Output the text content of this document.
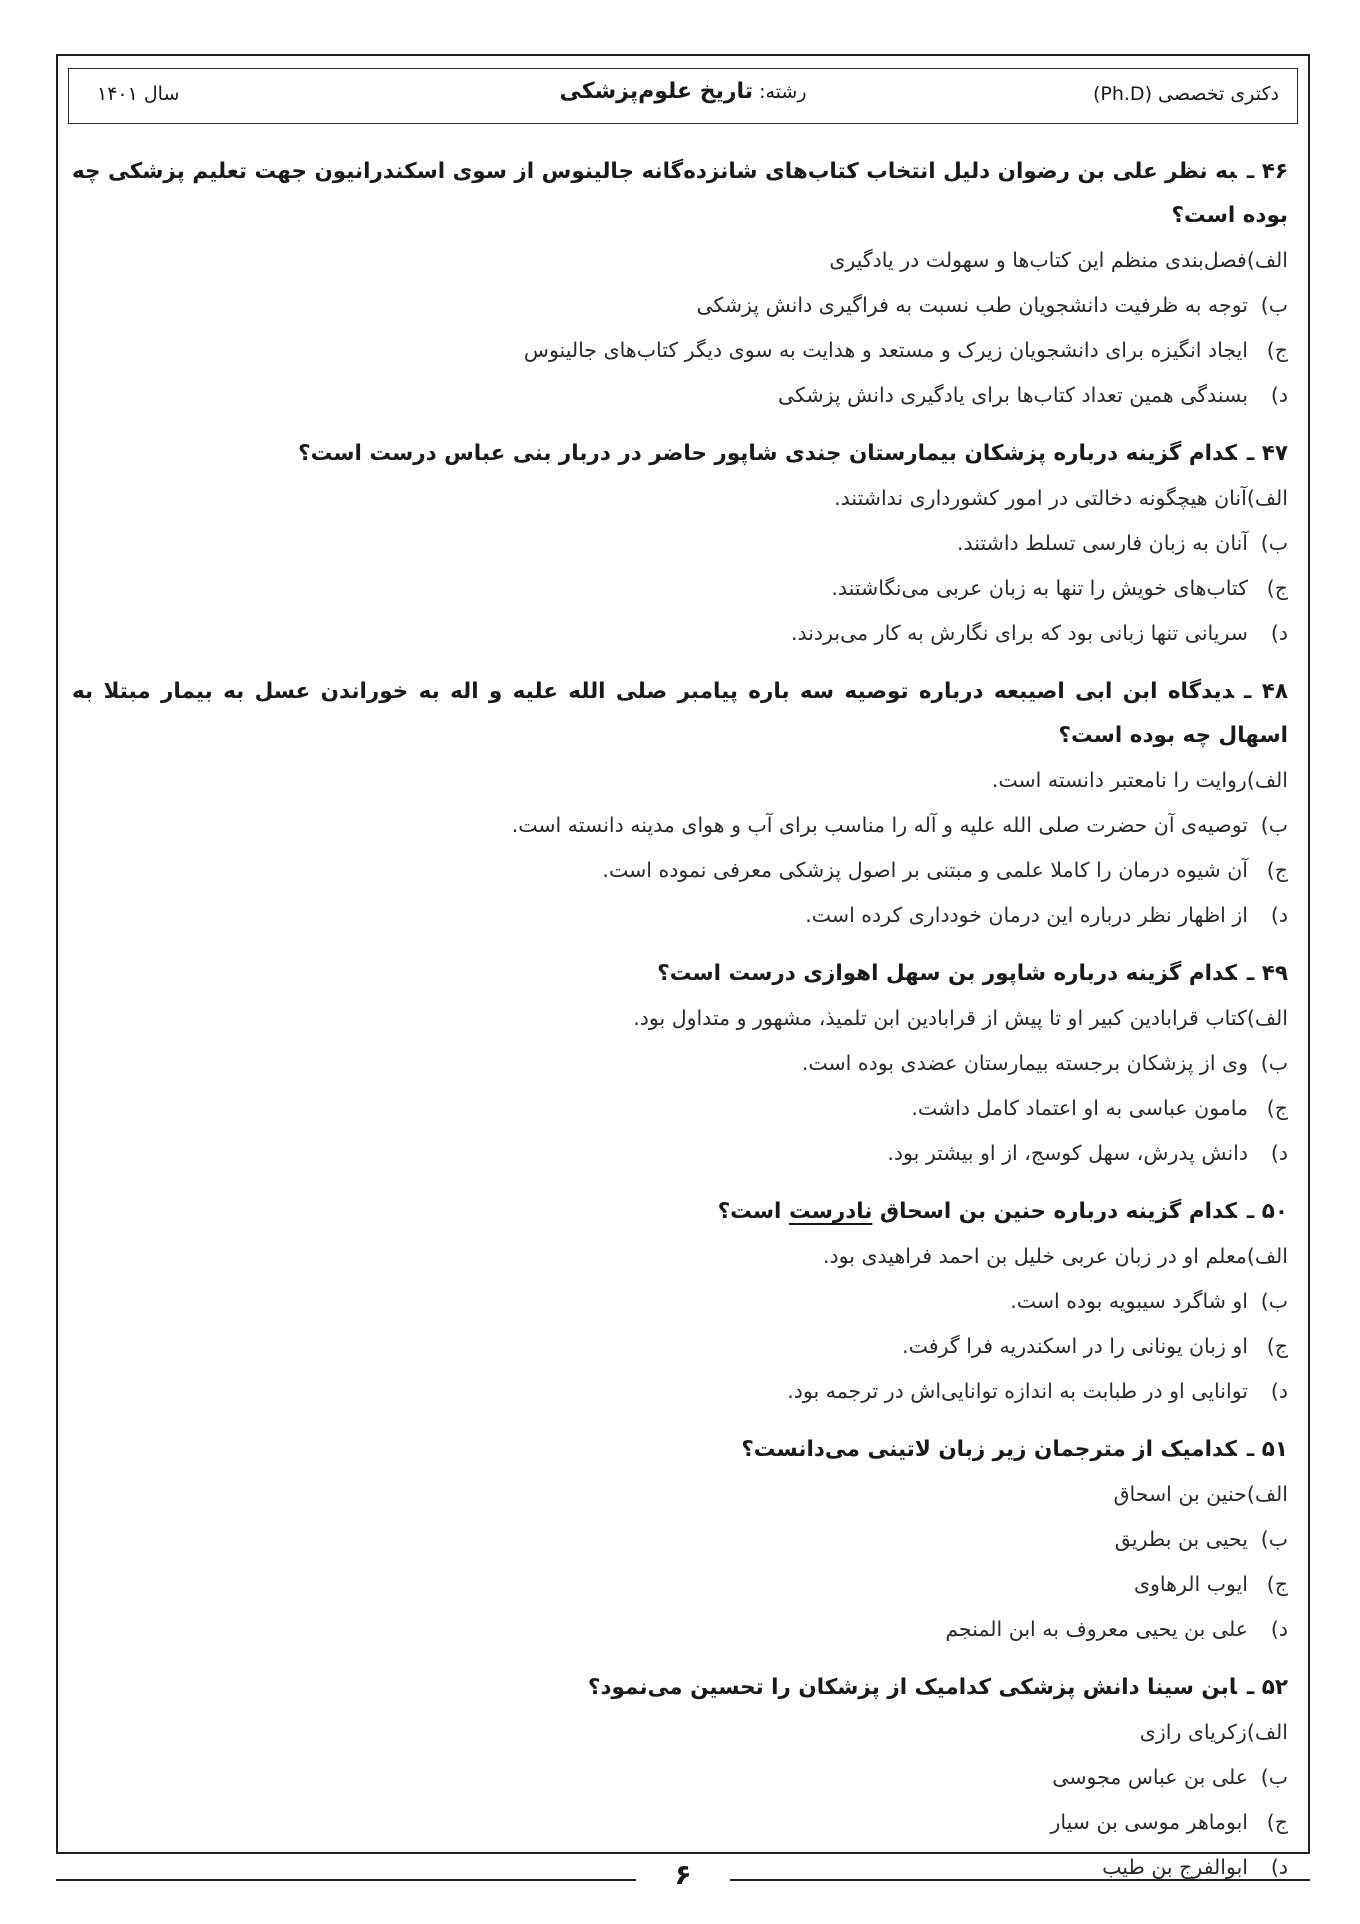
دکتری تخصصی (Ph.D)
رشته: تاریخ علوم‌پزشکی
سال ۱۴۰۱
۴۶ ـبه نظر علی بن رضوان دلیل انتخاب کتاب‌های شانزده‌گانه جالینوس از سوی اسکندرانیون جهت تعلیم پزشکی چه بوده است؟
الف)فصل‌بندی منظم این کتاب‌ها و سهولت در یادگیری
ب)توجه به ظرفیت دانشجویان طب نسبت به فراگیری دانش پزشکی
ج)ایجاد انگیزه برای دانشجویان زیرک و مستعد و هدایت به سوی دیگر کتاب‌های جالینوس
د)بسندگی همین تعداد کتاب‌ها برای یادگیری دانش پزشکی
۴۷ ـکدام گزینه درباره پزشکان بیمارستان جندی شاپور حاضر در دربار بنی عباس درست است؟
الف)آنان هیچگونه دخالتی در امور کشورداری نداشتند.
ب)آنان به زبان فارسی تسلط داشتند.
ج)کتاب‌های خویش را تنها به زبان عربی می‌نگاشتند.
د)سریانی تنها زبانی بود که برای نگارش به کار می‌بردند.
۴۸ ـدیدگاه ابن ابی اصیبعه درباره توصیه سه باره پیامبر صلی الله علیه و اله به خوراندن عسل به بیمار مبتلا به اسهال چه بوده است؟
الف)روایت را نامعتبر دانسته است.
ب)توصیه‌ی آن حضرت صلی الله علیه و آله را مناسب برای آب و هوای مدینه دانسته است.
ج)آن شیوه درمان را کاملا علمی و مبتنی بر اصول پزشکی معرفی نموده است.
د)از اظهار نظر درباره این درمان خودداری کرده است.
۴۹ ـکدام گزینه درباره شاپور بن سهل اهوازی درست است؟
الف)کتاب قرابادین کبیر او تا پیش از قرابادین ابن تلمیذ، مشهور و متداول بود.
ب)وی از پزشکان برجسته بیمارستان عضدی بوده است.
ج)مامون عباسی به او اعتماد کامل داشت.
د)دانش پدرش، سهل کوسج، از او بیشتر بود.
۵۰ ـکدام گزینه درباره حنین بن اسحاق نادرست است؟
الف)معلم او در زبان عربی خلیل بن احمد فراهیدی بود.
ب)او شاگرد سیبویه بوده است.
ج)او زبان یونانی را در اسکندریه فرا گرفت.
د)توانایی او در طبابت به اندازه توانایی‌اش در ترجمه بود.
۵۱ ـکدامیک از مترجمان زیر زبان لاتینی می‌دانست؟
الف)حنین بن اسحاق
ب)یحیی بن بطریق
ج)ایوب الرهاوی
د)علی بن یحیی معروف به ابن المنجم
۵۲ ـابن سینا دانش پزشکی کدامیک از پزشکان را تحسین می‌نمود؟
الف)زکریای رازی
ب)علی بن عباس مجوسی
ج)ابوماهر موسی بن سیار
د)ابوالفرج بن طیب
۶
